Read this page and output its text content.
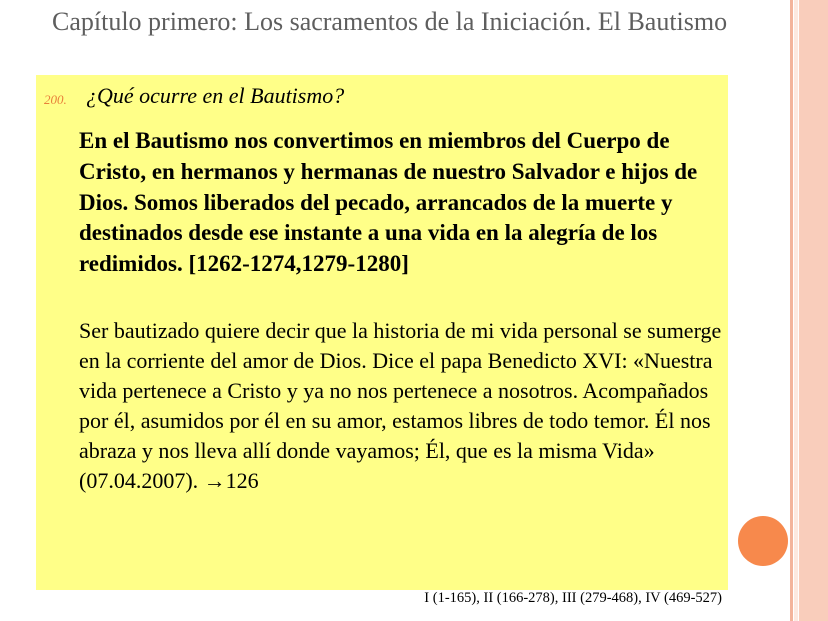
Capítulo primero: Los sacramentos de la Iniciación. El Bautismo
200. ¿Qué ocurre en el Bautismo?

En el Bautismo nos convertimos en miembros del Cuerpo de Cristo, en hermanos y hermanas de nuestro Salvador e hijos de Dios. Somos liberados del pecado, arrancados de la muerte y destinados desde ese instante a una vida en la alegría de los redimidos. [1262-1274,1279-1280]

Ser bautizado quiere decir que la historia de mi vida personal se sumerge en la corriente del amor de Dios. Dice el papa Benedicto XVI: «Nuestra vida pertenece a Cristo y ya no nos pertenece a nosotros. Acompañados por él, asumidos por él en su amor, estamos libres de todo temor. Él nos abraza y nos lleva allí donde vayamos; Él, que es la misma Vida» (07.04.2007). →126

I (1-165), II (166-278), III (279-468), IV (469-527)
